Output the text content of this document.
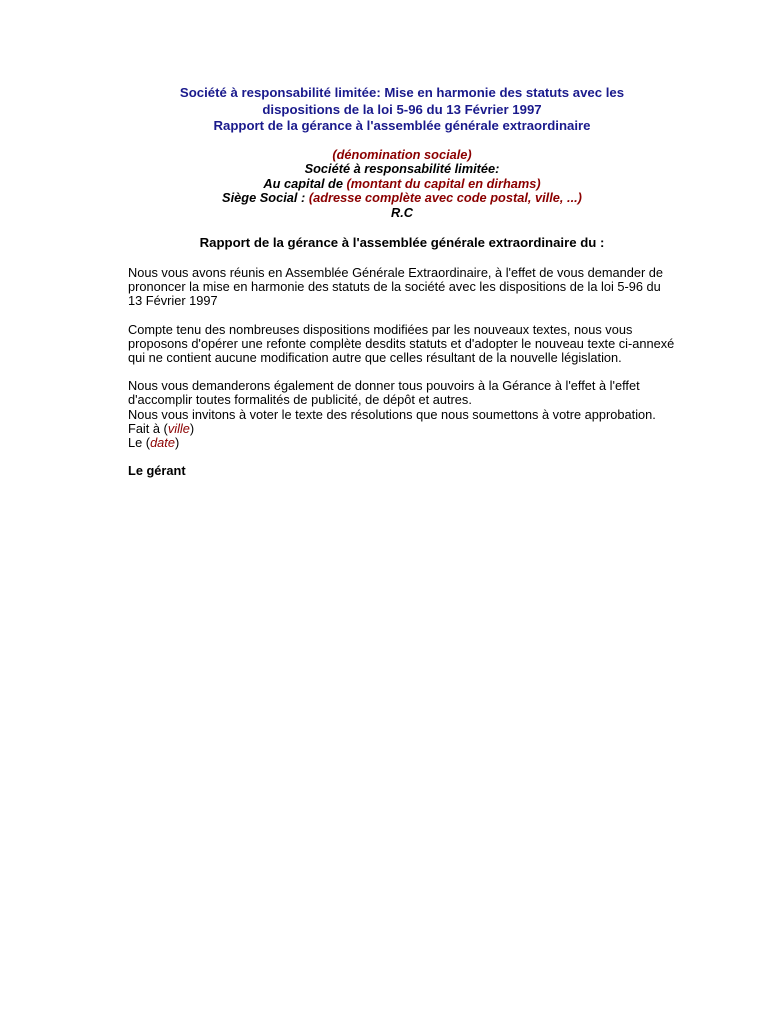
Société à responsabilité limitée: Mise en harmonie des statuts avec les
dispositions de la loi 5-96 du 13 Février 1997
Rapport de la gérance à l'assemblée générale extraordinaire
(dénomination sociale)
Société à responsabilité limitée:
Au capital de (montant du capital en dirhams)
Siège Social : (adresse complète avec code postal, ville, ...)
R.C
Rapport de la gérance à l'assemblée générale extraordinaire du :
Nous vous avons réunis en Assemblée Générale Extraordinaire, à l'effet de vous demander de prononcer la mise en harmonie des statuts de la société avec les dispositions de la loi 5-96 du 13 Février 1997
Compte tenu des nombreuses dispositions modifiées par les nouveaux textes, nous vous proposons d'opérer une refonte complète desdits statuts et d'adopter le nouveau texte ci-annexé qui ne contient aucune modification autre que celles résultant de la nouvelle législation.
Nous vous demanderons également de donner tous pouvoirs à la Gérance à l'effet à l'effet d'accomplir toutes formalités de publicité, de dépôt et autres.
Nous vous invitons à voter le texte des résolutions que nous soumettons à votre approbation.
Fait à (ville)
Le (date)
Le gérant
